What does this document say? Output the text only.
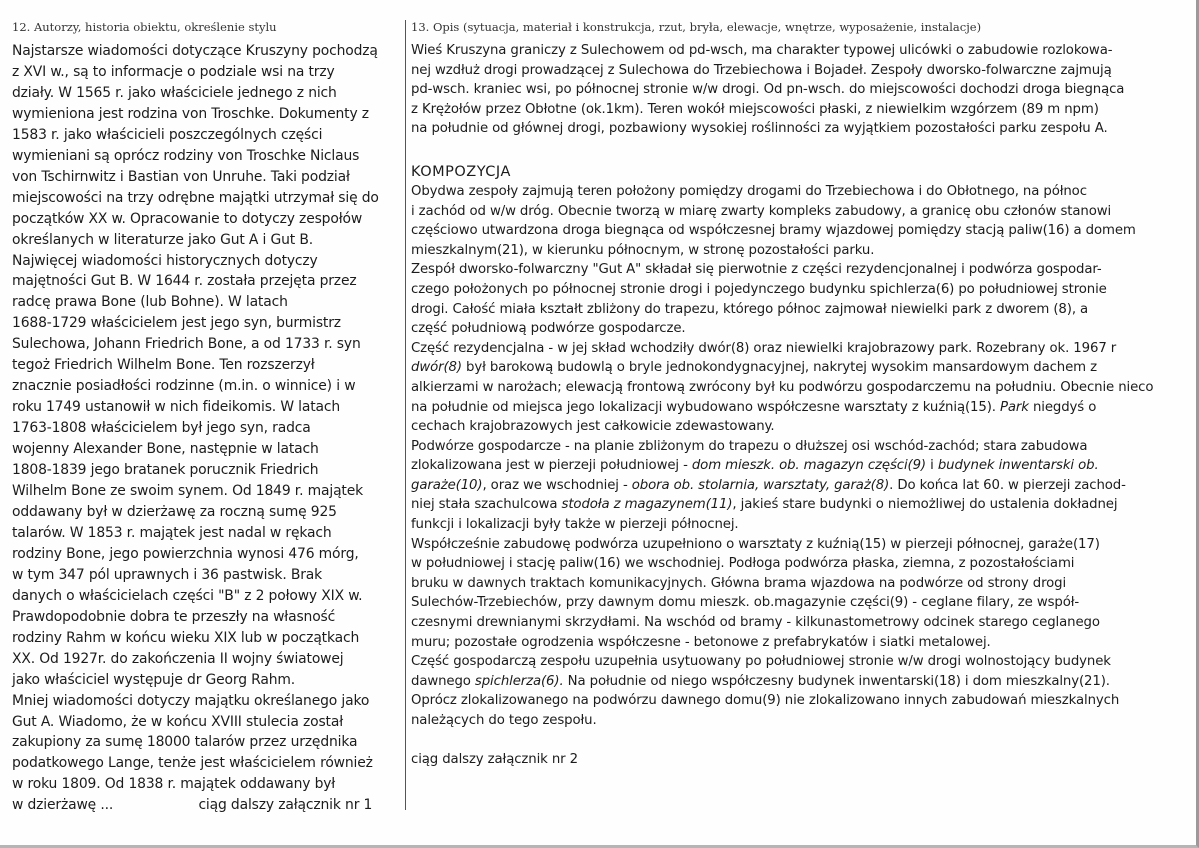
12. Autorzy, historia obiektu, określenie stylu
Najstarsze wiadomości dotyczące Kruszyny pochodzą
z XVI w., są to informacje o podziale wsi na trzy
działy. W 1565 r. jako właściciele jednego z nich
wymieniona jest rodzina von Troschke. Dokumenty z
1583 r. jako właścicieli poszczególnych części
wymieniani są oprócz rodziny von Troschke Niclaus
von Tschirnwitz i Bastian von Unruhe. Taki podział
miejscowości na trzy odrębne majątki utrzymał się do
początków XX w. Opracowanie to dotyczy zespołów
określanych w literaturze jako Gut A i Gut B.
Najwięcej wiadomości historycznych dotyczy
majętności Gut B. W 1644 r. została przejęta przez
radcę prawa Bone (lub Bohne). W latach
1688-1729 właścicielem jest jego syn, burmistrz
Sulechowa, Johann Friedrich Bone, a od 1733 r. syn
tegoż Friedrich Wilhelm Bone. Ten rozszerzył
znacznie posiadłości rodzinne (m.in. o winnice) i w
roku 1749 ustanowił w nich fideikomis. W latach
1763-1808 właścicielem był jego syn, radca
wojenny Alexander Bone, następnie w latach
1808-1839 jego bratanek porucznik Friedrich
Wilhelm Bone ze swoim synem. Od 1849 r. majątek
oddawany był w dzierżawę za roczną sumę 925
talarów. W 1853 r. majątek jest nadal w rękach
rodziny Bone, jego powierzchnia wynosi 476 mórg,
w tym 347 pól uprawnych i 36 pastwisk. Brak
danych o właścicielach części "B" z 2 połowy XIX w.
Prawdopodobnie dobra te przeszły na własność
rodziny Rahm w końcu wieku XIX lub w początkach
XX. Od 1927r. do zakończenia II wojny światowej
jako właściciel występuje dr Georg Rahm.
Mniej wiadomości dotyczy majątku określanego jako
Gut A. Wiadomo, że w końcu XVIII stulecia został
zakupiony za sumę 18000 talarów przez urzędnika
podatkowego Lange, tenże jest właścicielem również
w roku 1809. Od 1838 r. majątek oddawany był
w dzierżawę ...	ciąg dalszy załącznik nr 1
13. Opis (sytuacja, materiał i konstrukcja, rzut, bryła, elewacje, wnętrze, wyposażenie, instalacje)
Wieś Kruszyna graniczy z Sulechowem od pd-wsch, ma charakter typowej ulicówki o zabudowie rozlokowa-
nej wzdłuż drogi prowadzącej z Sulechowa do Trzebiechowa i Bojadeł. Zespoły dworsko-folwarczne zajmują
pd-wsch. kraniec wsi, po północnej stronie w/w drogi. Od pn-wsch. do miejscowości dochodzi droga biegnąca
z Krężołów przez Obłotne (ok.1km). Teren wokół miejscowości płaski, z niewielkim wzgórzem (89 m npm)
na południe od głównej drogi, pozbawiony wysokiej roślinności za wyjątkiem pozostałości parku zespołu A.
KOMPOZYCJA
Obydwa zespoły zajmują teren położony pomiędzy drogami do Trzebiechowa i do Obłotnego, na północ
i zachód od w/w dróg. Obecnie tworzą w miarę zwarty kompleks zabudowy, a granicę obu członów stanowi
częściowo utwardzona droga biegnąca od współczesnej bramy wjazdowej pomiędzy stacją paliw(16) a domem
mieszkalnym(21), w kierunku północnym, w stronę pozostałości parku.
Zespół dworsko-folwarczny "Gut A" składał się pierwotnie z części rezydencjonalnej i podwórza gospodar-
czego położonych po północnej stronie drogi i pojedynczego budynku spichlerza(6) po południowej stronie
drogi. Całość miała kształt zbliżony do trapezu, którego północ zajmował niewielki park z dworem (8), a
część południową podwórze gospodarcze.
Część rezydencjalna - w jej skład wchodziły dwór(8) oraz niewielki krajobrazowy park. Rozebrany ok. 1967 r
dwór(8) był barokową budowlą o bryle jednokondygnacyjnej, nakrytej wysokim mansardowym dachem z
alkierzami w narożach; elewacją frontową zwrócony był ku podwórzu gospodarczemu na południu. Obecnie nieco
na południe od miejsca jego lokalizacji wybudowano współczesne warsztaty z kuźnią(15). Park niegdyś o
cechach krajobrazowych jest całkowicie zdewastowany.
Podwórze gospodarcze - na planie zbliżonym do trapezu o dłuższej osi wschód-zachód; stara zabudowa
zlokalizowana jest w pierzeji południowej - dom mieszk. ob. magazyn części(9) i budynek inwentarski ob.
garaże(10), oraz we wschodniej - obora ob. stolarnia, warsztaty, garaż(8). Do końca lat 60. w pierzeji zachod-
niej stała szachulcowa stodoła z magazynem(11), jakieś stare budynki o niemożliwej do ustalenia dokładnej
funkcji i lokalizacji były także w pierzeji północnej.
Współcześnie zabudowę podwórza uzupełniono o warsztaty z kuźnią(15) w pierzeji północnej, garaże(17)
w południowej i stację paliw(16) we wschodniej. Podłoga podwórza płaska, ziemna, z pozostałościami
bruku w dawnych traktach komunikacyjnych. Główna brama wjazdowa na podwórze od strony drogi
Sulechów-Trzebiechów, przy dawnym domu mieszk. ob.magazynie części(9) - ceglane filary, ze współ-
czesnymi drewnianymi skrzydłami. Na wschód od bramy - kilkunastometrowy odcinek starego ceglanego
muru; pozostałe ogrodzenia współczesne - betonowe z prefabrykatów i siatki metalowej.
Część gospodarczą zespołu uzupełnia usytuowany po południowej stronie w/w drogi wolnostojący budynek
dawnego spichlerza(6). Na południe od niego współczesny budynek inwentarski(18) i dom mieszkalny(21).
Oprócz zlokalizowanego na podwórzu dawnego domu(9) nie zlokalizowano innych zabudowań mieszkalnych
należących do tego zespołu.
ciąg dalszy załącznik nr 2
